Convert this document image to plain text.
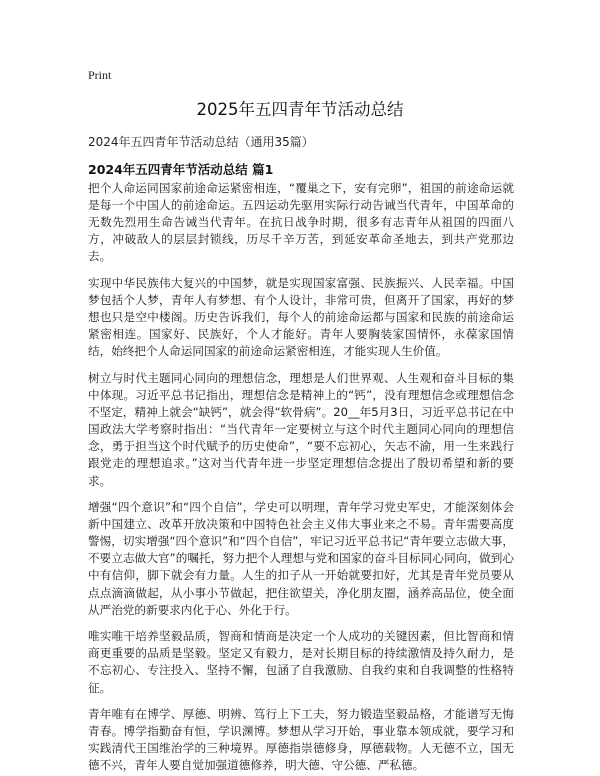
Print
2025年五四青年节活动总结
2024年五四青年节活动总结（通用35篇）
2024年五四青年节活动总结 篇1

把个人命运同国家前途命运紧密相连，“覆巢之下，安有完卵”，祖国的前途命运就是每一个中国人的前途命运。五四运动先驱用实际行动告诫当代青年，中国革命的无数先烈用生命告诫当代青年。在抗日战争时期，很多有志青年从祖国的四面八方，冲破敌人的层层封锁线，历尽千辛万苦，到延安革命圣地去，到共产党那边去。

实现中华民族伟大复兴的中国梦，就是实现国家富强、民族振兴、人民幸福。中国梦包括个人梦，青年人有梦想、有个人设计，非常可贵，但离开了国家，再好的梦想也只是空中楼阁。历史告诉我们，每个人的前途命运都与国家和民族的前途命运紧密相连。国家好、民族好，个人才能好。青年人要胸装家国情怀，永葆家国情结，始终把个人命运同国家的前途命运紧密相连，才能实现人生价值。

树立与时代主题同心同向的理想信念，理想是人们世界观、人生观和奋斗目标的集中体现。习近平总书记指出，理想信念是精神上的“钙”，没有理想信念或理想信念不坚定，精神上就会“缺钙”，就会得“软骨病”。20__年5月3日，习近平总书记在中国政法大学考察时指出：“当代青年一定要树立与这个时代主题同心同向的理想信念，勇于担当这个时代赋予的历史使命”，“要不忘初心，矢志不渝，用一生来践行跟党走的理想追求。”这对当代青年进一步坚定理想信念提出了殷切希望和新的要求。

增强“四个意识”和“四个自信”，学史可以明理，青年学习党史军史，才能深刻体会新中国建立、改革开放决策和中国特色社会主义伟大事业来之不易。青年需要高度警惕，切实增强“四个意识”和“四个自信”，牢记习近平总书记“青年要立志做大事，不要立志做大官”的嘱托，努力把个人理想与党和国家的奋斗目标同心同向，做到心中有信仰，脚下就会有力量。人生的扣子从一开始就要扣好，尤其是青年党员要从点点滴滴做起，从小事小节做起，把住欲望关，净化朋友圈，涵养高品位，使全面从严治党的新要求内化于心、外化于行。

唯实唯干培养坚毅品质，智商和情商是决定一个人成功的关键因素，但比智商和情商更重要的品质是坚毅。坚定又有毅力，是对长期目标的持续激情及持久耐力，是不忘初心、专注投入、坚持不懈，包涵了自我激励、自我约束和自我调整的性格特征。

青年唯有在博学、厚德、明辨、笃行上下工夫，努力锻造坚毅品格，才能谱写无悔青春。博学指勤奋有恒，学识渊博。梦想从学习开始，事业靠本领成就，要学习和实践清代王国维治学的三种境界。厚德指崇德修身，厚德载物。人无德不立，国无德不兴，青年人要自觉加强道德修养，明大德、守公德、严私德。
